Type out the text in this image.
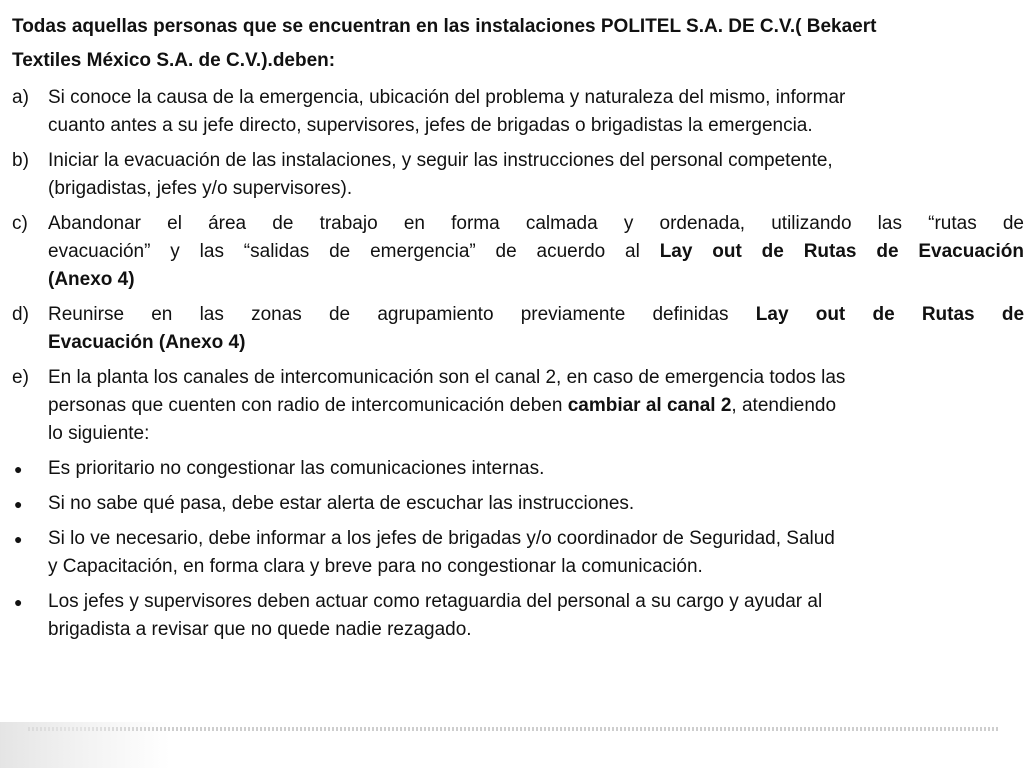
Todas aquellas personas que se encuentran en las instalaciones POLITEL S.A. DE C.V.( Bekaert
Textiles México S.A. de C.V.).deben:

a) Si conoce la causa de la emergencia, ubicación del problema y naturaleza del mismo, informar
cuanto antes a su jefe directo, supervisores, jefes de brigadas o brigadistas la emergencia.
b) Iniciar la evacuación de las instalaciones, y seguir las instrucciones del personal competente,
(brigadistas, jefes y/o supervisores).
c) Abandonar el área de trabajo en forma calmada y ordenada, utilizando las “rutas de
evacuación” y las “salidas de emergencia” de acuerdo al Lay out de Rutas de Evacuación
(Anexo 4)
d) Reunirse en las zonas de agrupamiento previamente definidas Lay out de Rutas de
Evacuación (Anexo 4)
e) En la planta los canales de intercomunicación son el canal 2, en caso de emergencia todos las
personas que cuenten con radio de intercomunicación deben cambiar al canal 2, atendiendo
lo siguiente:
● Es prioritario no congestionar las comunicaciones internas.
● Si no sabe qué pasa, debe estar alerta de escuchar las instrucciones.
● Si lo ve necesario, debe informar a los jefes de brigadas y/o coordinador de Seguridad, Salud
y Capacitación, en forma clara y breve para no congestionar la comunicación.
● Los jefes y supervisores deben actuar como retaguardia del personal a su cargo y ayudar al
brigadista a revisar que no quede nadie rezagado.
